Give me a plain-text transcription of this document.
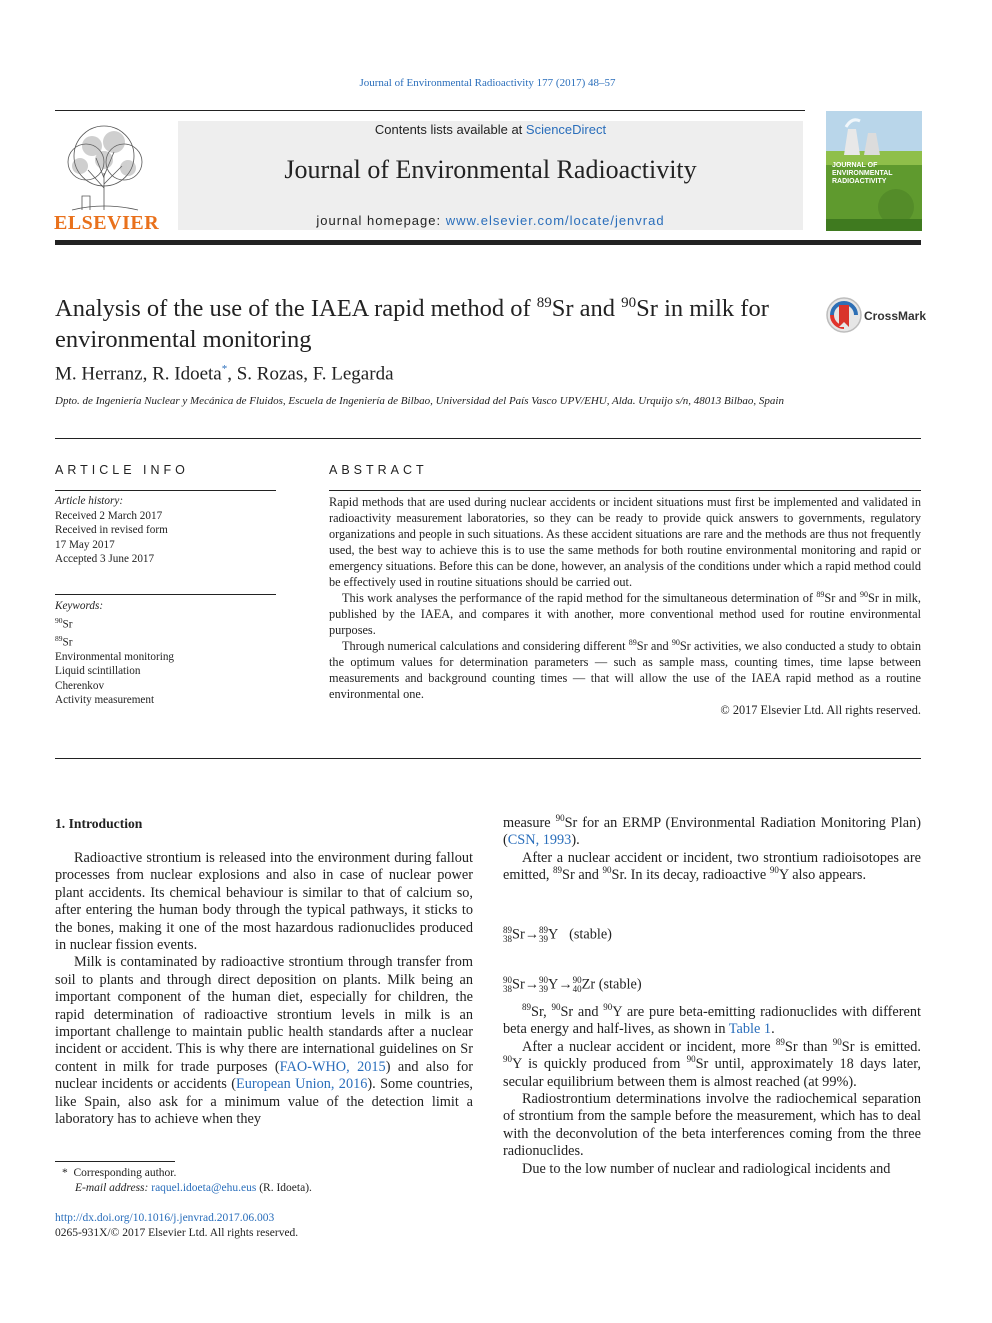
Journal of Environmental Radioactivity 177 (2017) 48–57
ELSEVIER
Contents lists available at ScienceDirect
Journal of Environmental Radioactivity
journal homepage: www.elsevier.com/locate/jenvrad
JOURNAL OF ENVIRONMENTAL RADIOACTIVITY
Analysis of the use of the IAEA rapid method of $^{89}$Sr and $^{90}$Sr in milk for environmental monitoring
CrossMark
M. Herranz, R. Idoeta*, S. Rozas, F. Legarda
Dpto. de Ingeniería Nuclear y Mecánica de Fluidos, Escuela de Ingeniería de Bilbao, Universidad del País Vasco UPV/EHU, Alda. Urquijo s/n, 48013 Bilbao, Spain
ARTICLE INFO
Article history:
Received 2 March 2017
Received in revised form
17 May 2017
Accepted 3 June 2017
Keywords:
$^{90}$Sr
$^{89}$Sr
Environmental monitoring
Liquid scintillation
Cherenkov
Activity measurement
ABSTRACT

Rapid methods that are used during nuclear accidents or incident situations must first be implemented and validated in radioactivity measurement laboratories, so they can be ready to provide quick answers to governments, regulatory organizations and people in such situations. As these accident situations are rare and the methods are thus not frequently used, the best way to achieve this is to use the same methods for both routine environmental monitoring and rapid or emergency situations. Before this can be done, however, an analysis of the conditions under which a rapid method could be effectively used in routine situations should be carried out.

This work analyses the performance of the rapid method for the simultaneous determination of $^{89}$Sr and $^{90}$Sr in milk, published by the IAEA, and compares it with another, more conventional method used for routine environmental purposes.

Through numerical calculations and considering different $^{89}$Sr and $^{90}$Sr activities, we also conducted a study to obtain the optimum values for determination parameters — such as sample mass, counting times, time lapse between measurements and background counting times — that will allow the use of the IAEA rapid method as a routine environmental one.

© 2017 Elsevier Ltd. All rights reserved.
1. Introduction

Radioactive strontium is released into the environment during fallout processes from nuclear explosions and also in case of nuclear power plant accidents. Its chemical behaviour is similar to that of calcium so, after entering the human body through the typical pathways, it sticks to the bones, making it one of the most hazardous radionuclides produced in nuclear fission events.

Milk is contaminated by radioactive strontium through transfer from soil to plants and through direct deposition on plants. Milk being an important component of the human diet, especially for children, the rapid determination of radioactive strontium levels in milk is an important challenge to maintain public health standards after a nuclear incident or accident. This is why there are international guidelines on Sr content in milk for trade purposes (FAO-WHO, 2015) and also for nuclear incidents or accidents (European Union, 2016). Some countries, like Spain, also ask for a minimum value of the detection limit a laboratory has to achieve when they

measure $^{90}$Sr for an ERMP (Environmental Radiation Monitoring Plan) (CSN, 1993).

After a nuclear accident or incident, two strontium radioisotopes are emitted, $^{89}$Sr and $^{90}$Sr. In its decay, radioactive $^{90}$Y also appears.

89
38Sr→89
39Y (stable)
90
38Sr→90
39Y→90
40Zr (stable)

$^{89}$Sr, $^{90}$Sr and $^{90}$Y are pure beta-emitting radionuclides with different beta energy and half-lives, as shown in Table 1.

After a nuclear accident or incident, more $^{89}$Sr than $^{90}$Sr is emitted. $^{90}$Y is quickly produced from $^{90}$Sr until, approximately 18 days later, secular equilibrium between them is almost reached (at 99%).

Radiostrontium determinations involve the radiochemical separation of strontium from the sample before the measurement, which has to deal with the deconvolution of the beta interferences coming from the three radionuclides.

Due to the low number of nuclear and radiological incidents and

* Corresponding author.
E-mail address: raquel.idoeta@ehu.eus (R. Idoeta).
http://dx.doi.org/10.1016/j.jenvrad.2017.06.003
0265-931X/© 2017 Elsevier Ltd. All rights reserved.
